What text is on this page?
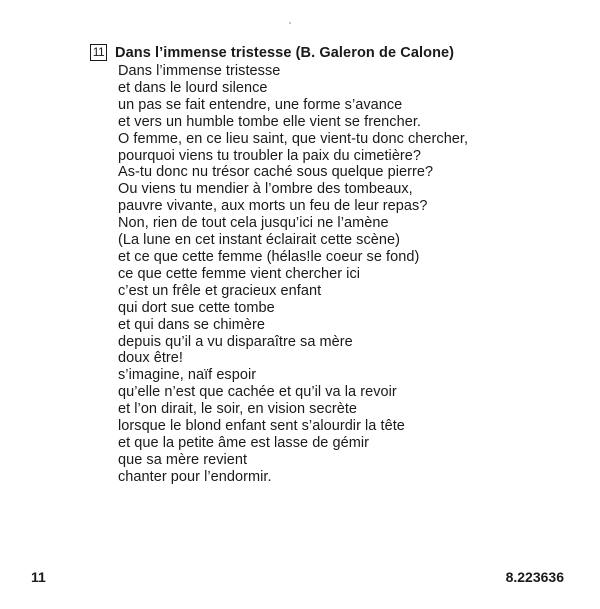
11 Dans l’immense tristesse (B. Galeron de Calone)
Dans l’immense tristesse
et dans le lourd silence
un pas se fait entendre, une forme s’avance
et vers un humble tombe elle vient se frencher.
O femme, en ce lieu saint, que vient-tu donc chercher,
pourquoi viens tu troubler la paix du cimetière?
As-tu donc nu trésor caché sous quelque pierre?
Ou viens tu mendier à l’ombre des tombeaux,
pauvre vivante, aux morts un feu de leur repas?
Non, rien de tout cela jusqu’ici ne l’amène
(La lune en cet instant éclairait cette scène)
et ce que cette femme (hélas!le coeur se fond)
ce que cette femme vient chercher ici
c’est un frêle et gracieux enfant
qui dort sue cette tombe
et qui dans se chimère
depuis qu’il a vu disparaître sa mère
doux être!
s’imagine, naïf espoir
qu’elle n’est que cachée et qu’il va la revoir
et l’on dirait, le soir, en vision secrète
lorsque le blond enfant sent s’alourdir la tête
et que la petite âme est lasse de gémir
que sa mère revient
chanter pour l’endormir.
11	8.223636
